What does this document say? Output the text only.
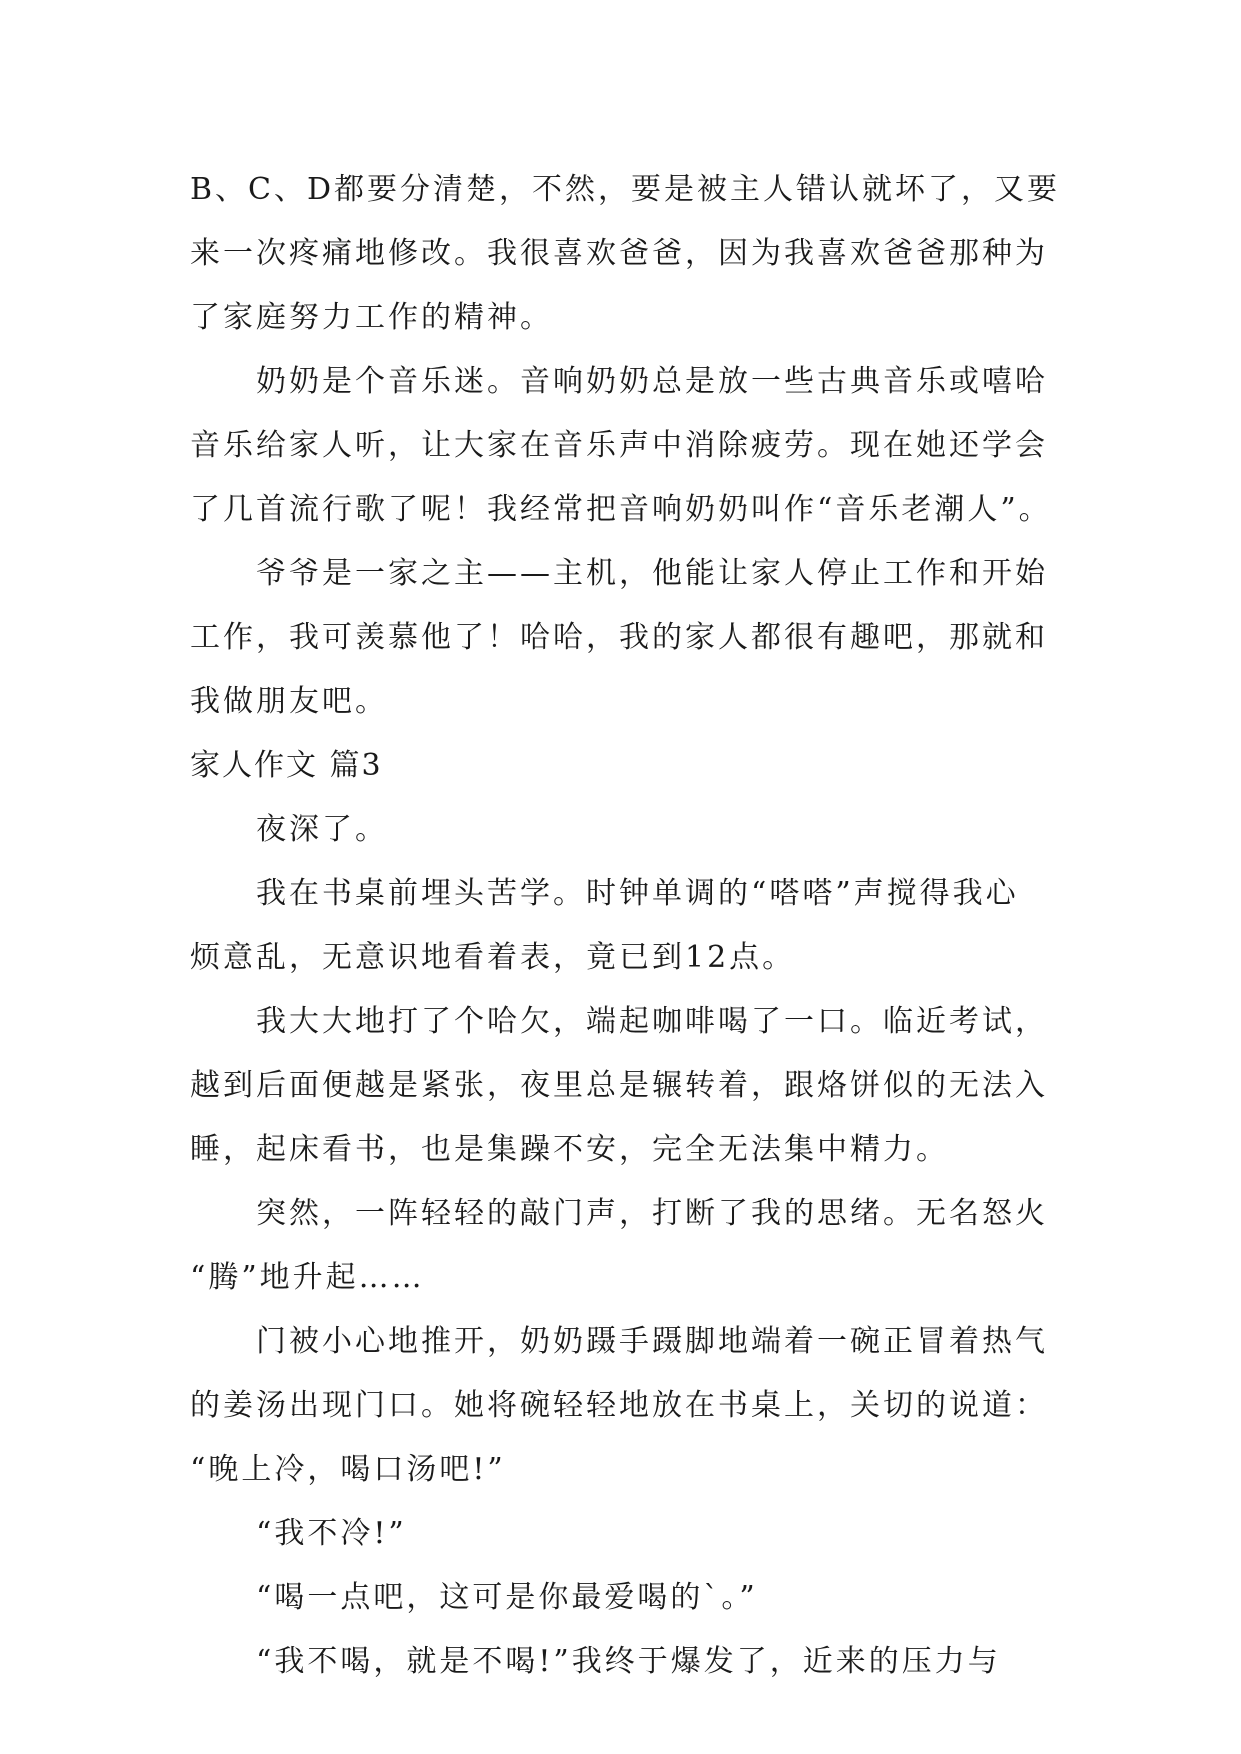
B、C、D都要分清楚，不然，要是被主人错认就坏了，又要
来一次疼痛地修改。我很喜欢爸爸，因为我喜欢爸爸那种为
了家庭努力工作的精神。
奶奶是个音乐迷。音响奶奶总是放一些古典音乐或嘻哈
音乐给家人听，让大家在音乐声中消除疲劳。现在她还学会
了几首流行歌了呢！我经常把音响奶奶叫作“音乐老潮人”。
爷爷是一家之主——主机，他能让家人停止工作和开始
工作，我可羡慕他了！哈哈，我的家人都很有趣吧，那就和
我做朋友吧。
家人作文 篇3
夜深了。
我在书桌前埋头苦学。时钟单调的“嗒嗒”声搅得我心
烦意乱，无意识地看着表，竟已到12点。
我大大地打了个哈欠，端起咖啡喝了一口。临近考试，
越到后面便越是紧张，夜里总是辗转着，跟烙饼似的无法入
睡，起床看书，也是集躁不安，完全无法集中精力。
突然，一阵轻轻的敲门声，打断了我的思绪。无名怒火
“腾”地升起……
门被小心地推开，奶奶蹑手蹑脚地端着一碗正冒着热气
的姜汤出现门口。她将碗轻轻地放在书桌上，关切的说道：
“晚上冷，喝口汤吧!”
“我不冷!”
“喝一点吧，这可是你最爱喝的`。”
“我不喝，就是不喝!”我终于爆发了，近来的压力与
